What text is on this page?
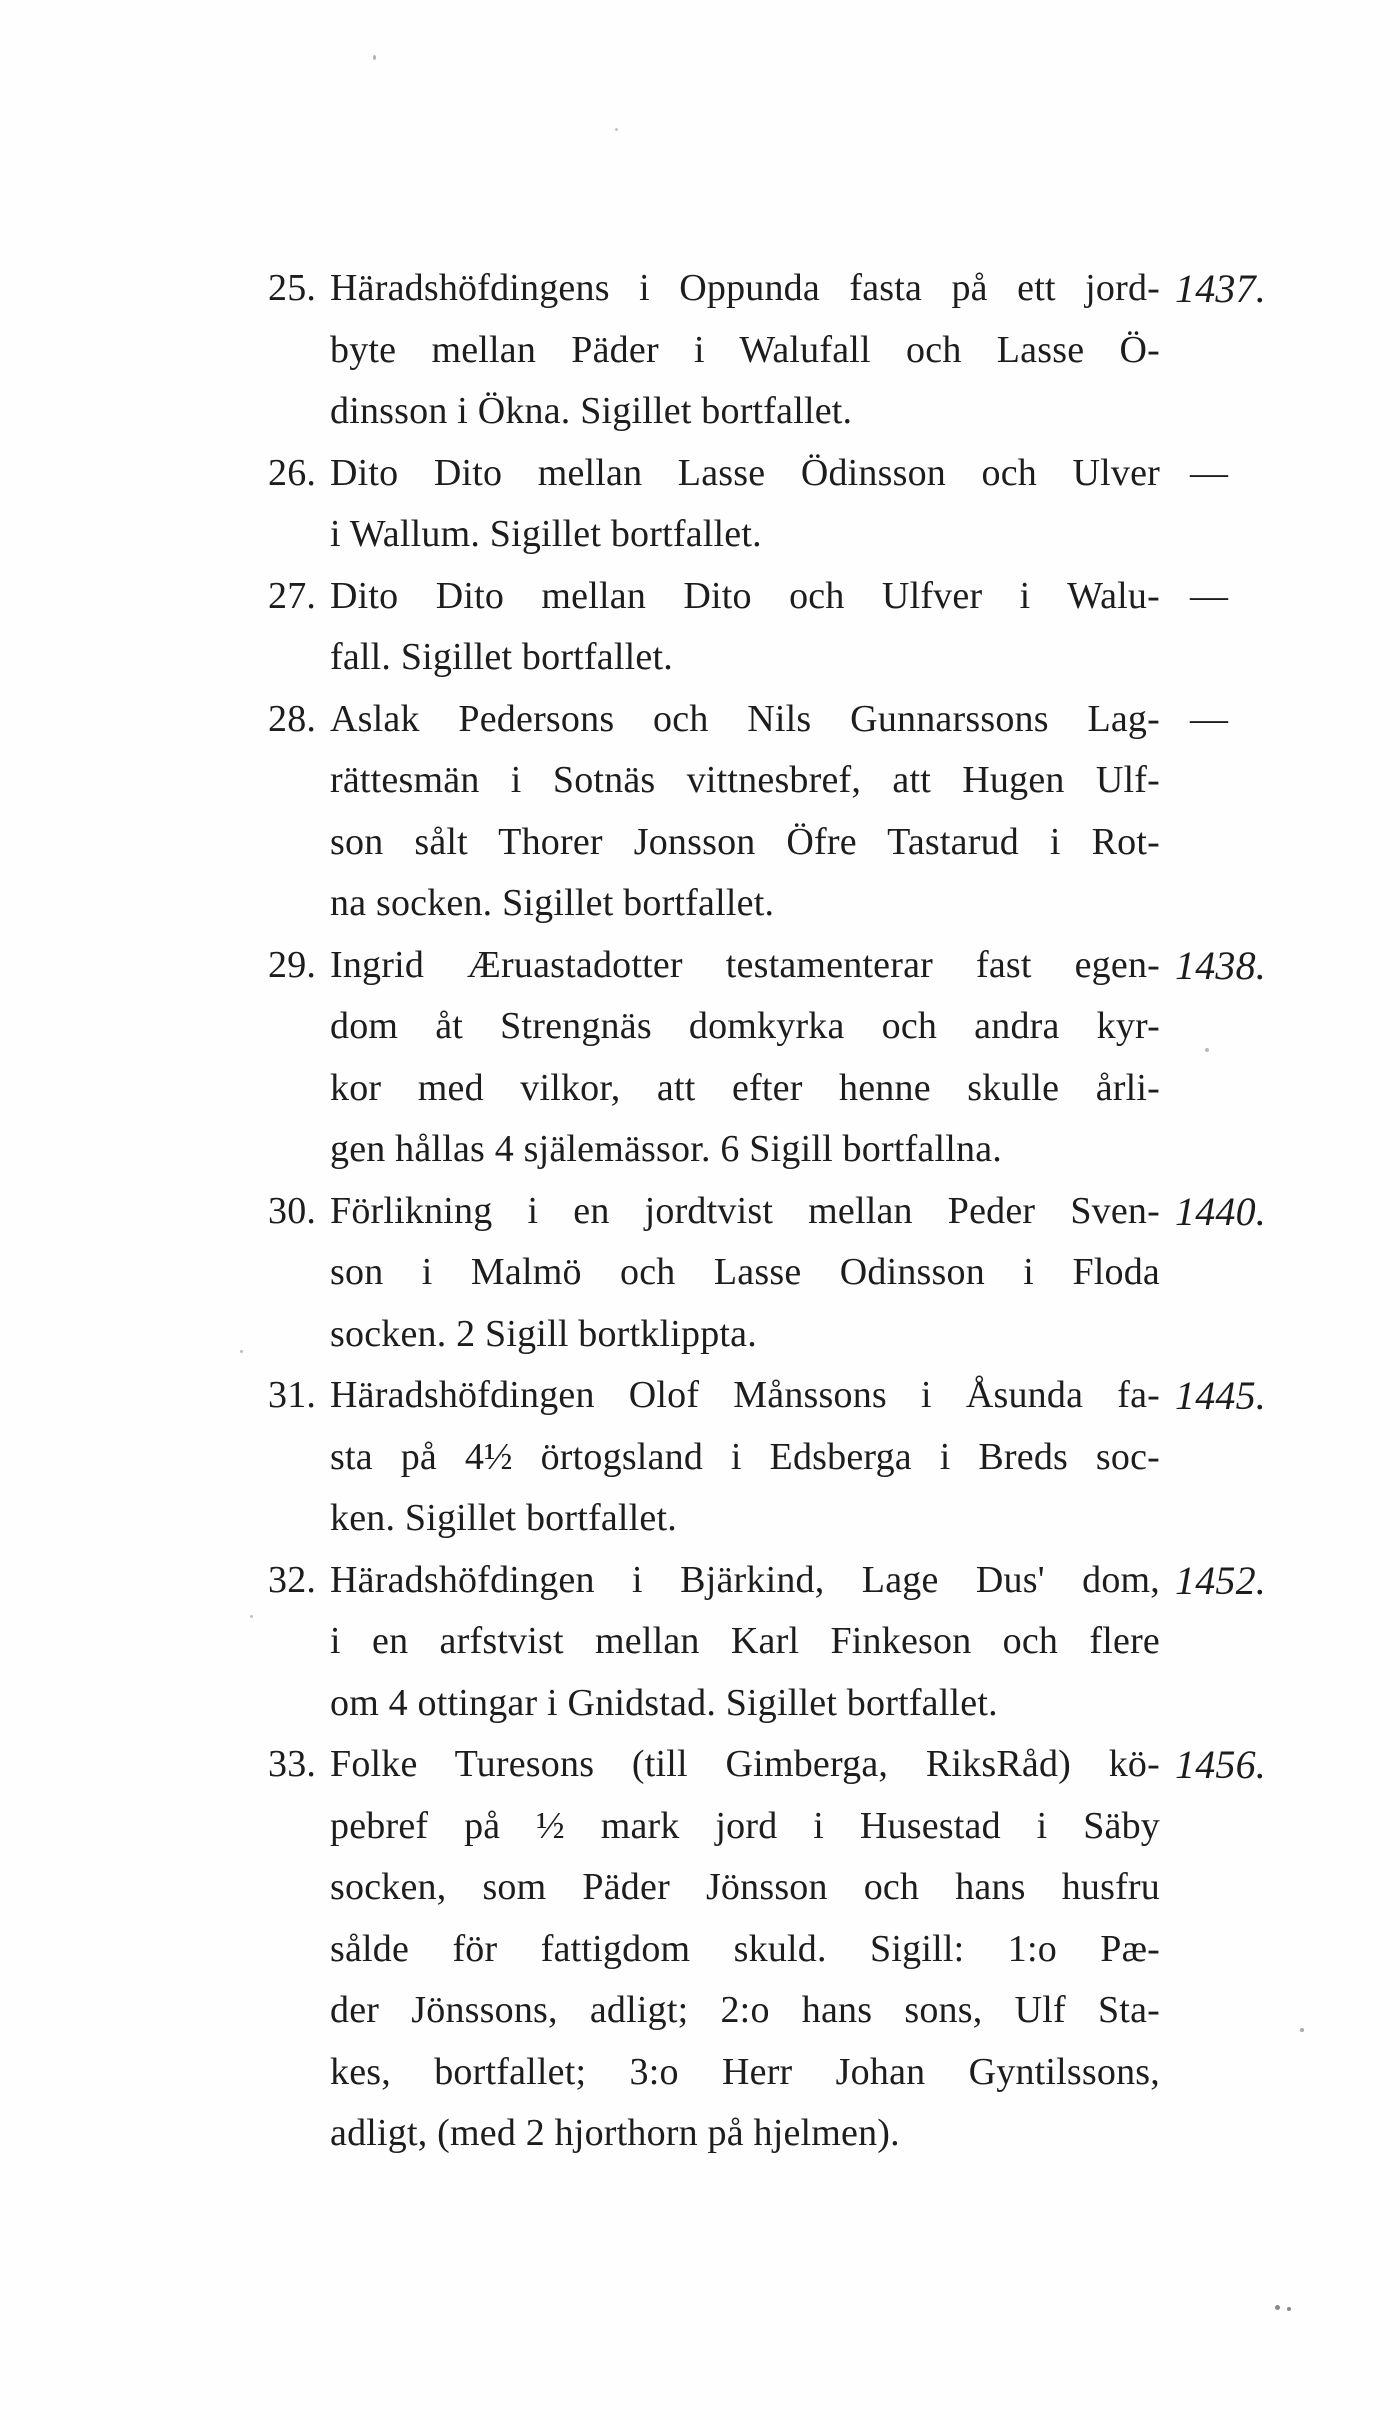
25. Häradshöfdingens i Oppunda fasta på ett jord- 1437.
byte mellan Päder i Walufall och Lasse Ö-
dinsson i Ökna. Sigillet bortfallet.
26. Dito Dito mellan Lasse Ödinsson och Ulver —
i Wallum. Sigillet bortfallet.
27. Dito Dito mellan Dito och Ulfver i Walu- —
fall. Sigillet bortfallet.
28. Aslak Pedersons och Nils Gunnarssons Lag- —
rättesmän i Sotnäs vittnesbref, att Hugen Ulf-
son sålt Thorer Jonsson Öfre Tastarud i Rot-
na socken. Sigillet bortfallet.
29. Ingrid Æruastadotter testamenterar fast egen- 1438.
dom åt Strengnäs domkyrka och andra kyr-
kor med vilkor, att efter henne skulle årli-
gen hållas 4 själemässor. 6 Sigill bortfallna.
30. Förlikning i en jordtvist mellan Peder Sven- 1440.
son i Malmö och Lasse Odinsson i Floda
socken. 2 Sigill bortklippta.
31. Häradshöfdingen Olof Månssons i Åsunda fa- 1445.
sta på 4½ örtogsland i Edsberga i Breds soc-
ken. Sigillet bortfallet.
32. Häradshöfdingen i Bjärkind, Lage Dus' dom, 1452.
i en arfstvist mellan Karl Finkeson och flere
om 4 ottingar i Gnidstad. Sigillet bortfallet.
33. Folke Turesons (till Gimberga, RiksRåd) kö- 1456.
pebref på ½ mark jord i Husestad i Säby
socken, som Päder Jönsson och hans husfru
sålde för fattigdom skuld. Sigill: 1:o Pæ-
der Jönssons, adligt; 2:o hans sons, Ulf Sta-
kes, bortfallet; 3:o Herr Johan Gyntilssons,
adligt, (med 2 hjorthorn på hjelmen).
